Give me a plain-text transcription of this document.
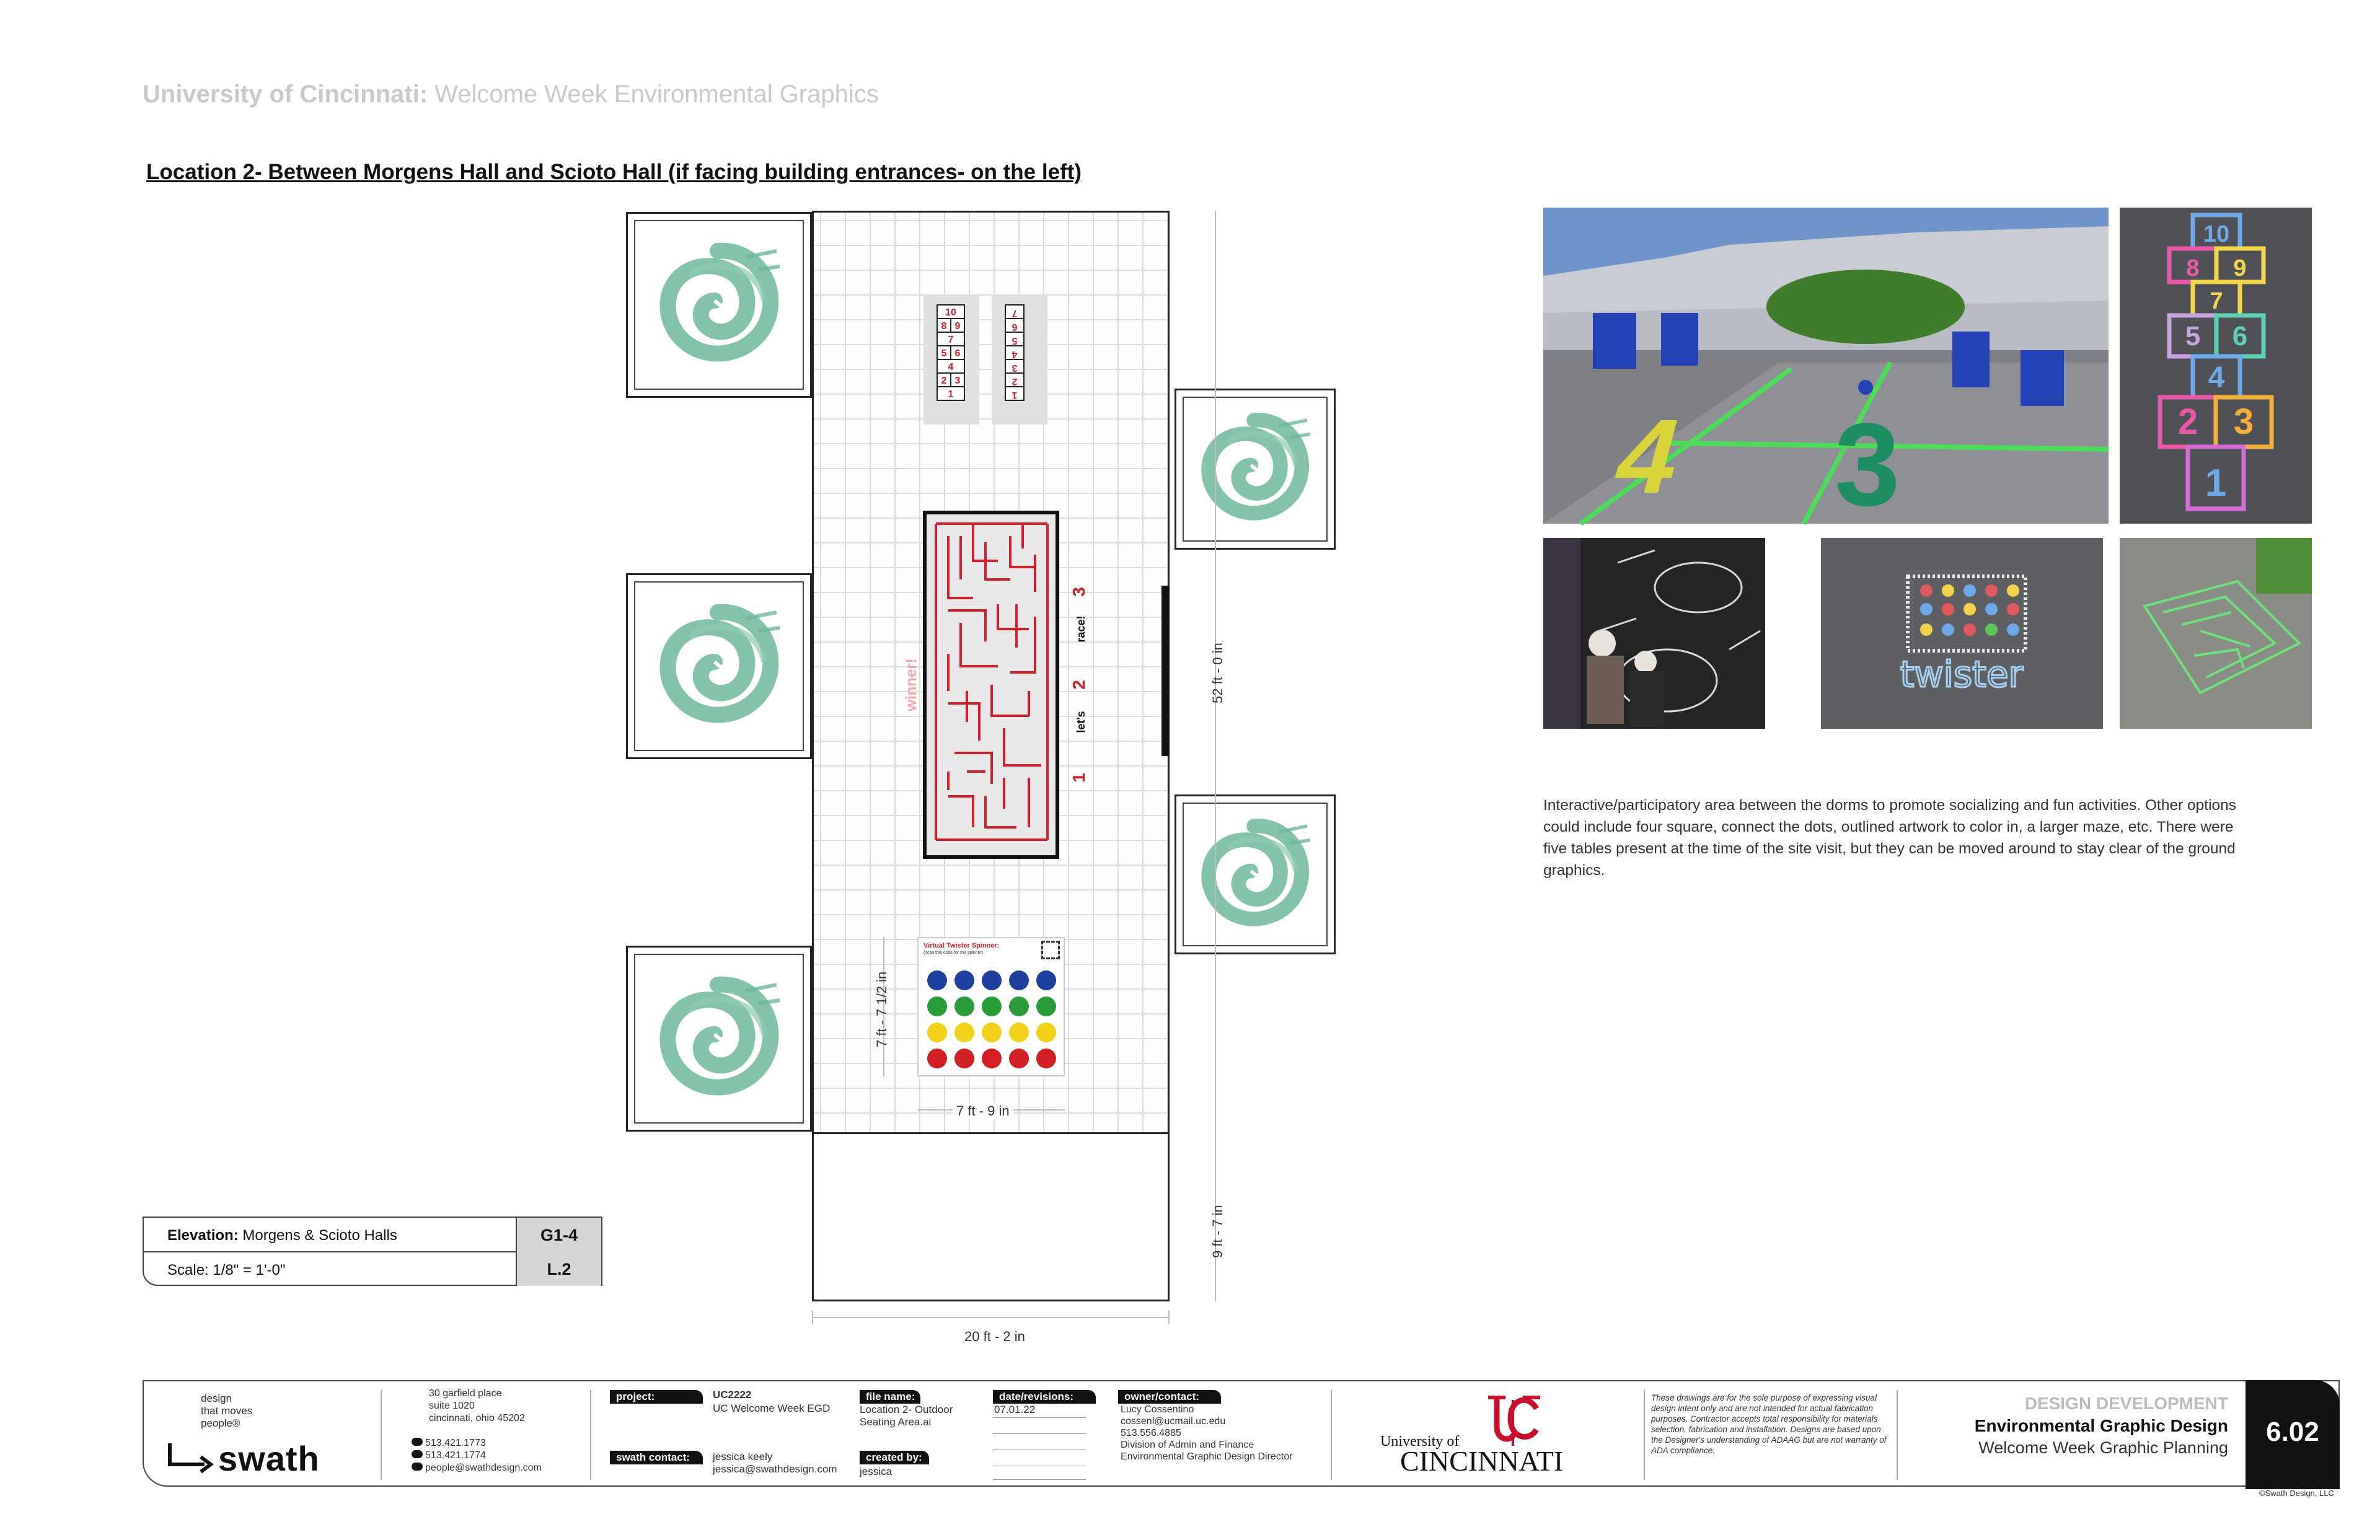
University of Cincinnati: Welcome Week Environmental Graphics
Location 2- Between Morgens Hall and Scioto Hall (if facing building entrances- on the left)
10
8 9
7
5 6
4
2 3
1	1
2
3
4
5
6
7
winner!
race!
let's
3
2
1
Virtual Twister Spinner:
(scan this code for the spinner)
20 ft - 2 in
52 ft - 0 in
9 ft - 7 in
7 ft - 7 1/2 in
7 ft - 9 in
Elevation: Morgens & Scioto Halls	G1-4
Scale: 1/8" = 1'-0"	L.2
4 3
10
8 9
7
5 6
4
2 3
1
twister
Interactive/participatory area between the dorms to promote socializing and fun activities. Other options could include four square, connect the dots, outlined artwork to color in, a larger maze, etc. There were five tables present at the time of the site visit, but they can be moved around to stay clear of the ground graphics.
design
that moves
people®
swath
30 garfield place
suite 1020
cincinnati, ohio 45202
513.421.1773
513.421.1774
people@swathdesign.com
project:	UC2222
UC Welcome Week EGD
swath contact:	jessica keely
jessica@swathdesign.com
file name:
Location 2- Outdoor
Seating Area.ai
created by:
jessica
date/revisions:
07.01.22
owner/contact:
Lucy Cossentino
cossenl@ucmail.uc.edu
513.556.4885
Division of Admin and Finance
Environmental Graphic Design Director
University of
CINCINNATI
These drawings are for the sole purpose of expressing visual design intent only and are not intended for actual fabrication purposes. Contractor accepts total responsibility for materials selection, fabrication and installation. Designs are based upon the Designer's understanding of ADAAG but are not warranty of ADA compliance.
DESIGN DEVELOPMENT
Environmental Graphic Design
Welcome Week Graphic Planning
6.02
©Swath Design, LLC
